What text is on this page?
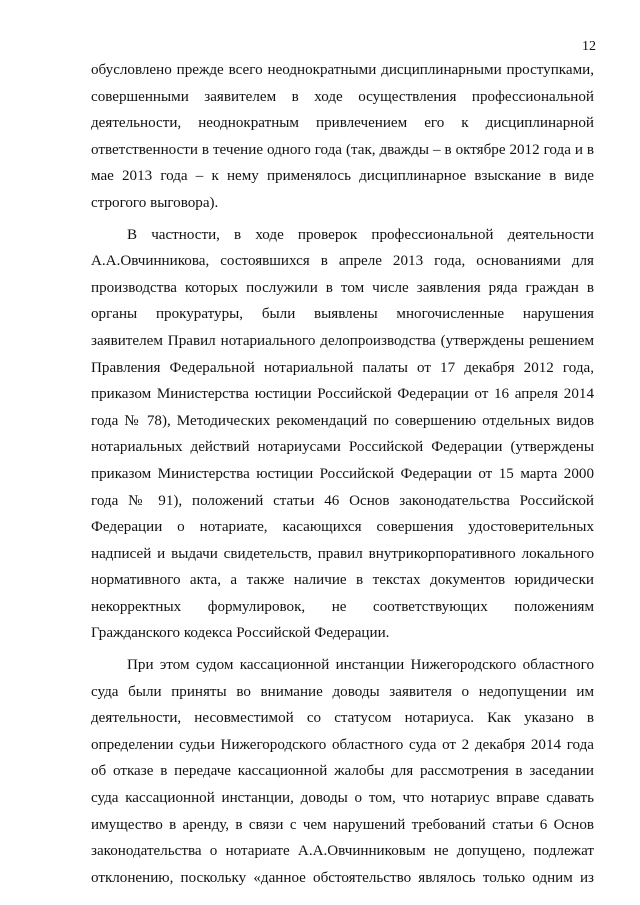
12

обусловлено прежде всего неоднократными дисциплинарными проступками, совершенными заявителем в ходе осуществления профессиональной деятельности, неоднократным привлечением его к дисциплинарной ответственности в течение одного года (так, дважды – в октябре 2012 года и в мае 2013 года – к нему применялось дисциплинарное взыскание в виде строгого выговора).

В частности, в ходе проверок профессиональной деятельности А.А.Овчинникова, состоявшихся в апреле 2013 года, основаниями для производства которых послужили в том числе заявления ряда граждан в органы прокуратуры, были выявлены многочисленные нарушения заявителем Правил нотариального делопроизводства (утверждены решением Правления Федеральной нотариальной палаты от 17 декабря 2012 года, приказом Министерства юстиции Российской Федерации от 16 апреля 2014 года № 78), Методических рекомендаций по совершению отдельных видов нотариальных действий нотариусами Российской Федерации (утверждены приказом Министерства юстиции Российской Федерации от 15 марта 2000 года № 91), положений статьи 46 Основ законодательства Российской Федерации о нотариате, касающихся совершения удостоверительных надписей и выдачи свидетельств, правил внутрикорпоративного локального нормативного акта, а также наличие в текстах документов юридически некорректных формулировок, не соответствующих положениям Гражданского кодекса Российской Федерации.

При этом судом кассационной инстанции Нижегородского областного суда были приняты во внимание доводы заявителя о недопущении им деятельности, несовместимой со статусом нотариуса. Как указано в определении судьи Нижегородского областного суда от 2 декабря 2014 года об отказе в передаче кассационной жалобы для рассмотрения в заседании суда кассационной инстанции, доводы о том, что нотариус вправе сдавать имущество в аренду, в связи с чем нарушений требований статьи 6 Основ законодательства о нотариате А.А.Овчинниковым не допущено, подлежат отклонению, поскольку «данное обстоятельство являлось только одним из
